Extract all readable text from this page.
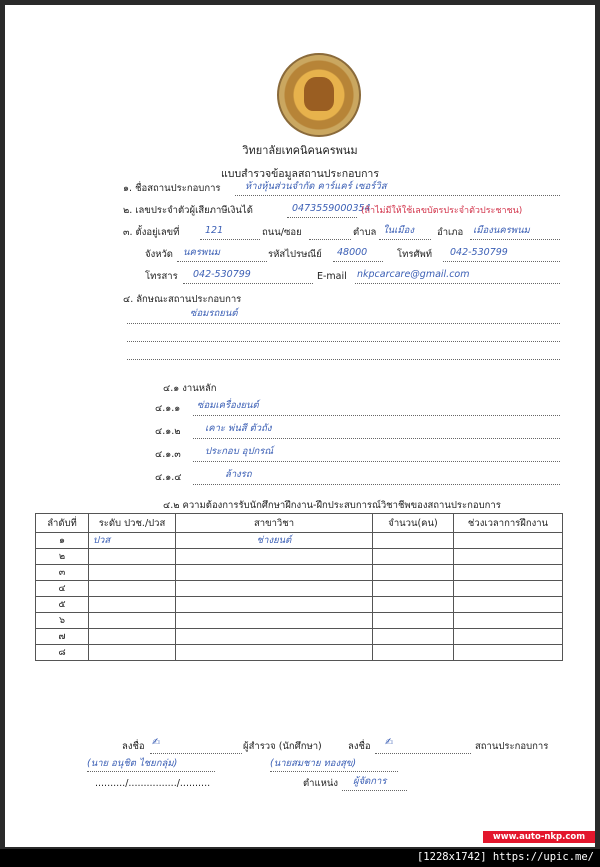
วิทยาลัยเทคนิคนครพนม
แบบสำรวจข้อมูลสถานประกอบการ
๑. ชื่อสถานประกอบการ	ห้างหุ้นส่วนจำกัด คาร์แคร์ เซอร์วิส
๒. เลขประจำตัวผู้เสียภาษีเงินได้	0473559000354
(ถ้าไม่มีให้ใช้เลขบัตรประจำตัวประชาชน)
๓. ตั้งอยู่เลขที่	121	ถนน/ซอย	ตำบล ในเมือง อำเภอ เมืองนครพนม
จังหวัด นครพนม	รหัสไปรษณีย์ 48000	โทรศัพท์ 042-530799
โทรสาร 042-530799	E-mail nkpcarcare@gmail.com
๔. ลักษณะสถานประกอบการ
ซ่อมรถยนต์
๔.๑ งานหลัก
๔.๑.๑ ซ่อมเครื่องยนต์
๔.๑.๒	เคาะ พ่นสี ตัวถัง
๔.๑.๓	ประกอบ อุปกรณ์
๔.๑.๔	ล้างรถ
๔.๒ ความต้องการรับนักศึกษาฝึกงาน-ฝึกประสบการณ์วิชาชีพของสถานประกอบการ
ลำดับที่	ระดับ ปวช./ปวส	สาขาวิชา	จำนวน(คน)	ช่วงเวลาการฝึกงาน
๑	ปวส	ช่างยนต์		
๒				
๓				
๔				
๕				
๖				
๗				
๘				
ลงชื่อ ✍	ผู้สำรวจ (นักศึกษา)
(นาย อนุชิต ไชยกลุ่ม)
........../................/..........
ลงชื่อ ✍	สถานประกอบการ
(นายสมชาย ทองสุข)
ตำแหน่ง ผู้จัดการ
www.auto-nkp.com
[1228x1742] https://upic.me/
